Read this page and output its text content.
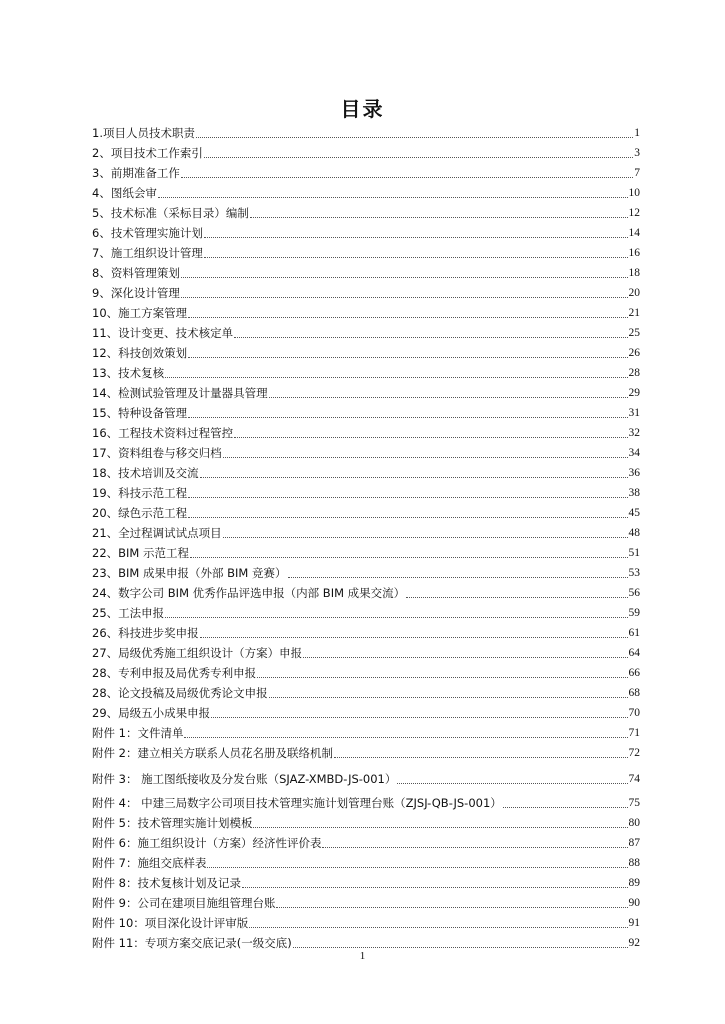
目录
1.项目人员技术职责	1
2、项目技术工作索引	3
3、前期准备工作	7
4、图纸会审	10
5、技术标准（采标目录）编制	12
6、技术管理实施计划	14
7、施工组织设计管理	16
8、资料管理策划	18
9、深化设计管理	20
10、施工方案管理	21
11、设计变更、技术核定单	25
12、科技创效策划	26
13、技术复核	28
14、检测试验管理及计量器具管理	29
15、特种设备管理	31
16、工程技术资料过程管控	32
17、资料组卷与移交归档	34
18、技术培训及交流	36
19、科技示范工程	38
20、绿色示范工程	45
21、全过程调试试点项目	48
22、BIM 示范工程	51
23、BIM 成果申报（外部 BIM 竞赛）	53
24、数字公司 BIM 优秀作品评选申报（内部 BIM 成果交流）	56
25、工法申报	59
26、科技进步奖申报	61
27、局级优秀施工组织设计（方案）申报	64
28、专利申报及局优秀专利申报	66
28、论文投稿及局级优秀论文申报	68
29、局级五小成果申报	70
附件 1：文件清单	71
附件 2：建立相关方联系人员花名册及联络机制	72
附件 3： 施工图纸接收及分发台账（SJAZ-XMBD-JS-001）	74
附件 4： 中建三局数字公司项目技术管理实施计划管理台账（ZJSJ-QB-JS-001）	75
附件 5：技术管理实施计划模板	80
附件 6：施工组织设计（方案）经济性评价表	87
附件 7：施组交底样表	88
附件 8：技术复核计划及记录	89
附件 9：公司在建项目施组管理台账	90
附件 10：项目深化设计评审版	91
附件 11：专项方案交底记录(一级交底)	92
1
